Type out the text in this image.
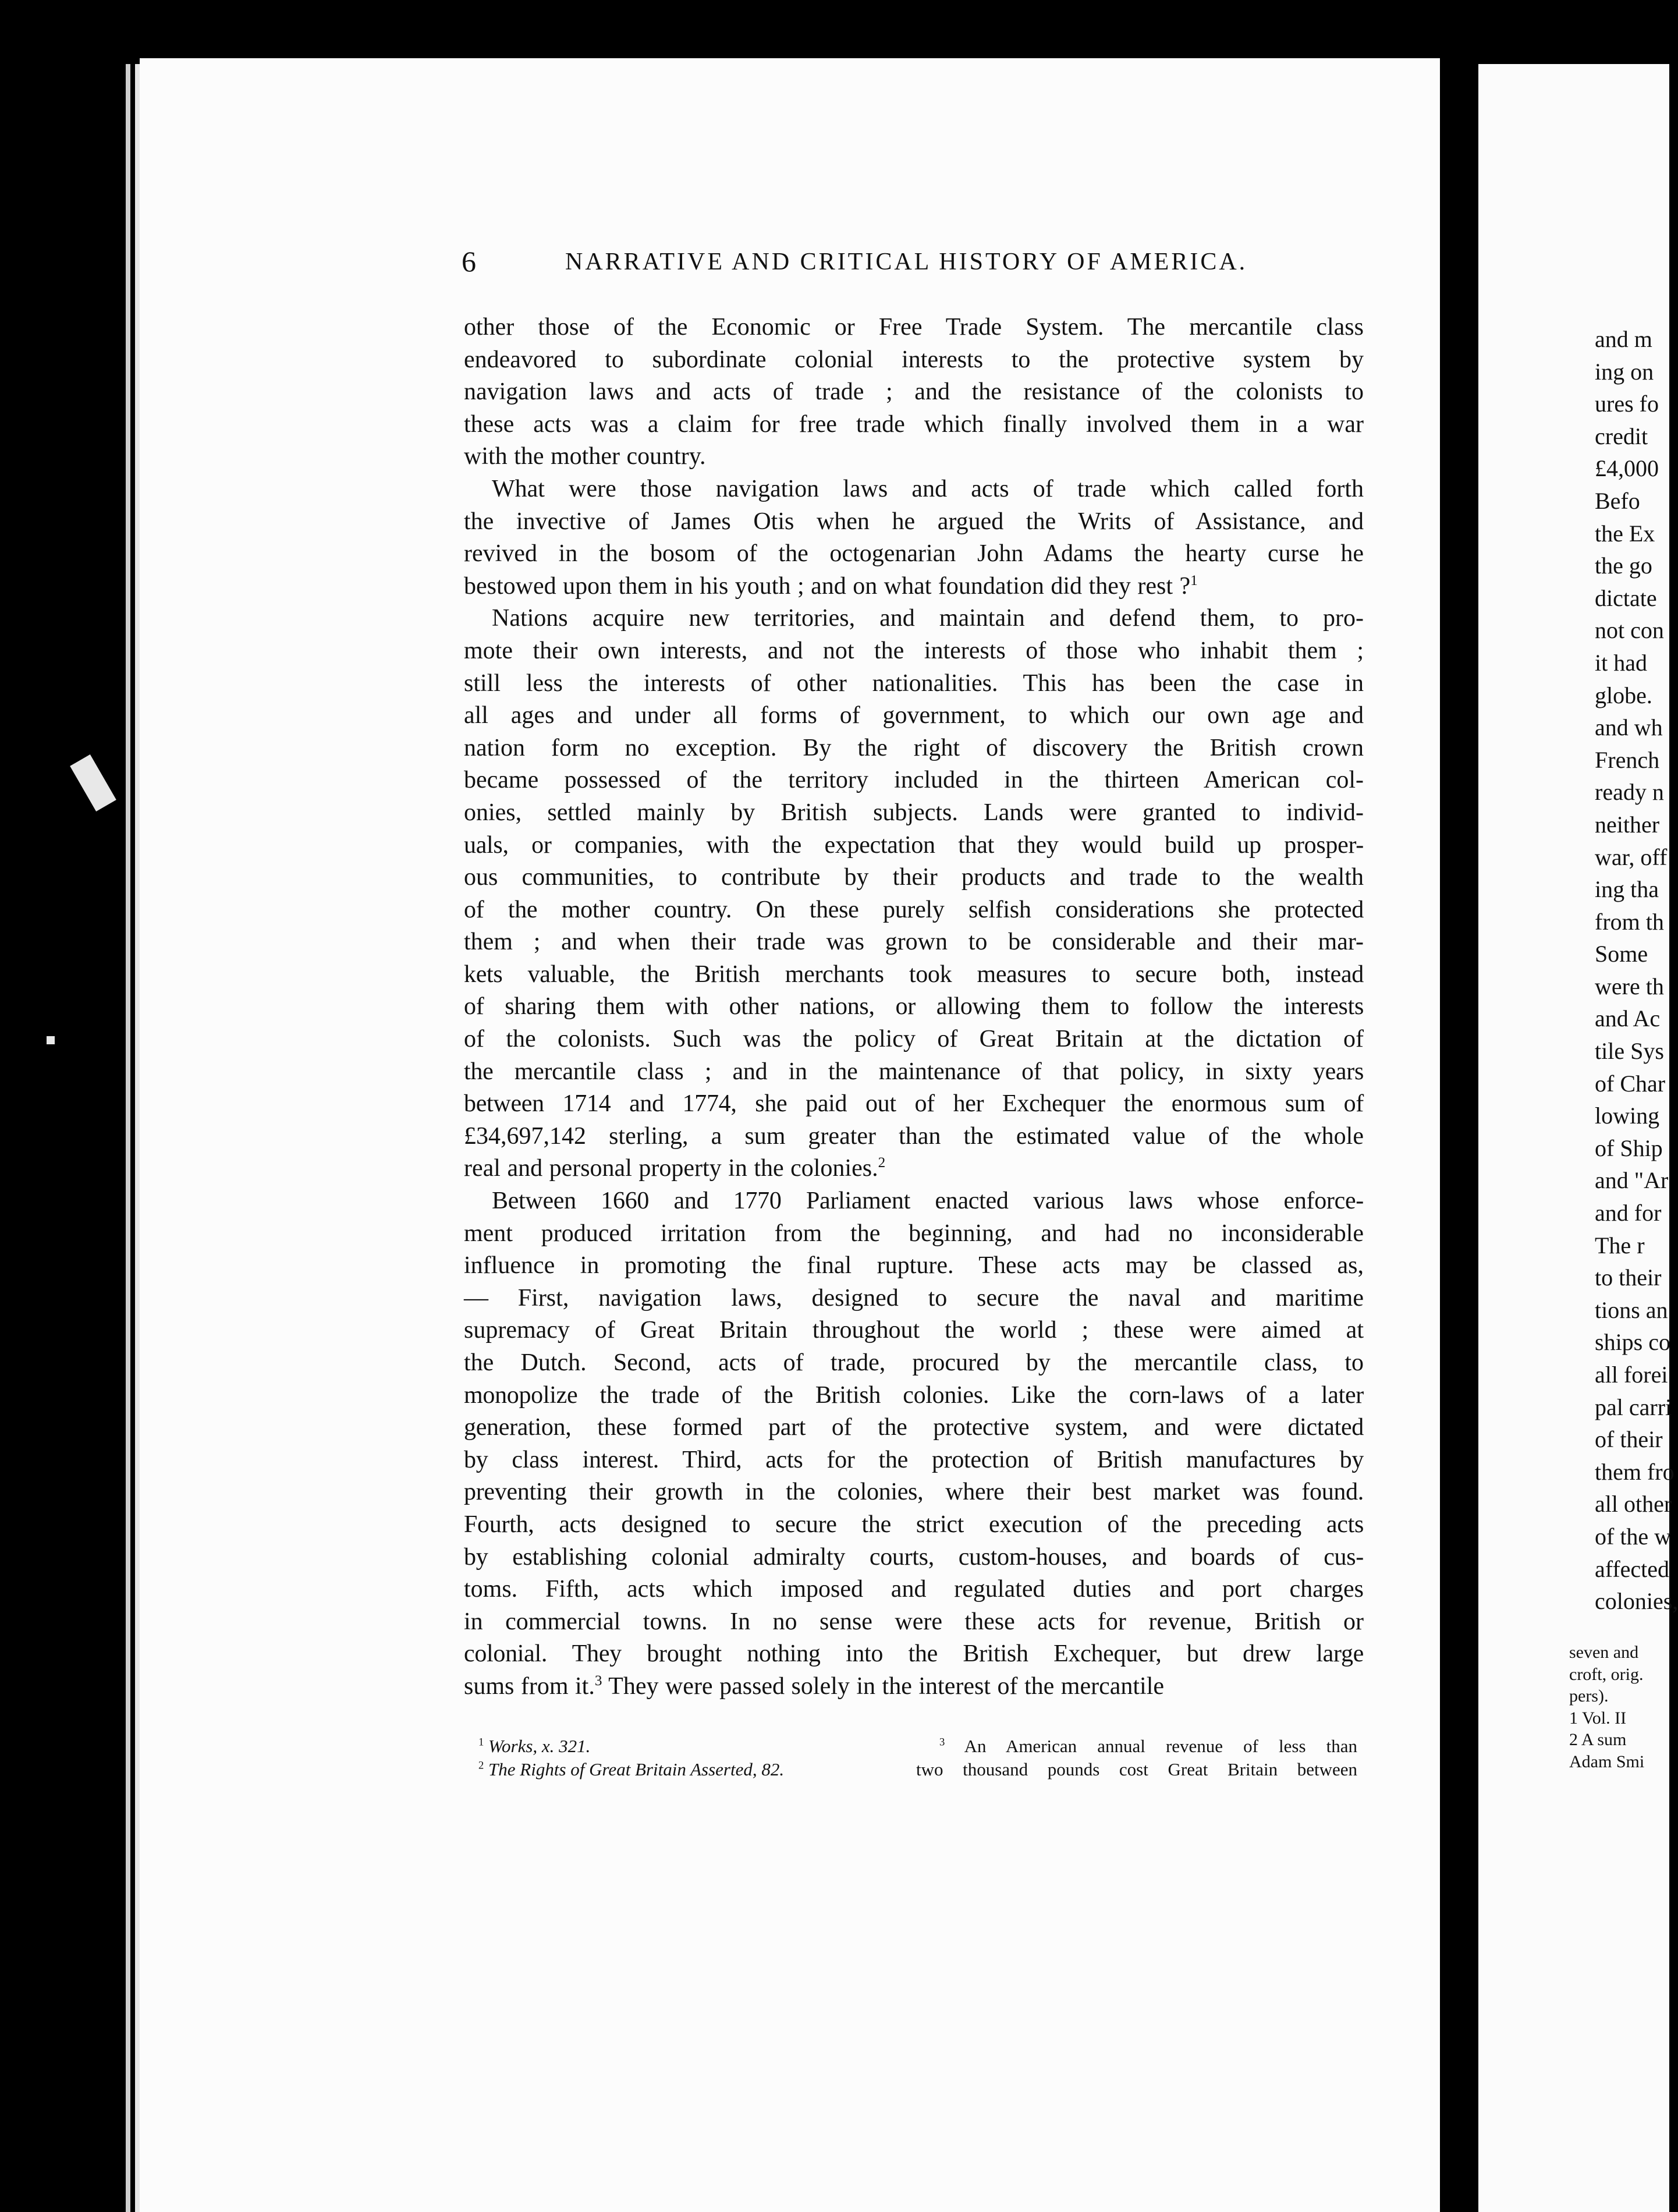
6	NARRATIVE AND CRITICAL HISTORY OF AMERICA.

other those of the Economic or Free Trade System. The mercantile class

endeavored to subordinate colonial interests to the protective system by

navigation laws and acts of trade ; and the resistance of the colonists to

these acts was a claim for free trade which finally involved them in a war

with the mother country.

What were those navigation laws and acts of trade which called forth

the invective of James Otis when he argued the Writs of Assistance, and

revived in the bosom of the octogenarian John Adams the hearty curse he

bestowed upon them in his youth ; and on what foundation did they rest ?$^1$

Nations acquire new territories, and maintain and defend them, to pro-

mote their own interests, and not the interests of those who inhabit them ;

still less the interests of other nationalities. This has been the case in

all ages and under all forms of government, to which our own age and

nation form no exception. By the right of discovery the British crown

became possessed of the territory included in the thirteen American col-

onies, settled mainly by British subjects. Lands were granted to individ-

uals, or companies, with the expectation that they would build up prosper-

ous communities, to contribute by their products and trade to the wealth

of the mother country. On these purely selfish considerations she protected

them ; and when their trade was grown to be considerable and their mar-

kets valuable, the British merchants took measures to secure both, instead

of sharing them with other nations, or allowing them to follow the interests

of the colonists. Such was the policy of Great Britain at the dictation of

the mercantile class ; and in the maintenance of that policy, in sixty years

between 1714 and 1774, she paid out of her Exchequer the enormous sum of

£34,697,142 sterling, a sum greater than the estimated value of the whole

real and personal property in the colonies.$^2$

Between 1660 and 1770 Parliament enacted various laws whose enforce-

ment produced irritation from the beginning, and had no inconsiderable

influence in promoting the final rupture. These acts may be classed as,

— First, navigation laws, designed to secure the naval and maritime

supremacy of Great Britain throughout the world ; these were aimed at

the Dutch. Second, acts of trade, procured by the mercantile class, to

monopolize the trade of the British colonies. Like the corn-laws of a later

generation, these formed part of the protective system, and were dictated

by class interest. Third, acts for the protection of British manufactures by

preventing their growth in the colonies, where their best market was found.

Fourth, acts designed to secure the strict execution of the preceding acts

by establishing colonial admiralty courts, custom-houses, and boards of cus-

toms. Fifth, acts which imposed and regulated duties and port charges

in commercial towns. In no sense were these acts for revenue, British or

colonial. They brought nothing into the British Exchequer, but drew large

sums from it.$^3$ They were passed solely in the interest of the mercantile

$^1$ Works, x. 321.
$^2$ The Rights of Great Britain Asserted, 82.
$^3$ An American annual revenue of less than
two thousand pounds cost Great Britain between
and m
ing on
ures fo
credit
£4,000
Befo
the Ex
the go
dictate
not con
it had
globe.
and wh
French
ready n
neither
war, off
ing tha
from th
Some
were th
and Ac
tile Sys
of Char
lowing
of Ship
and "Ar
and for
The r
to their
tions an
ships co
all forei
pal carri
of their
them fro
all other
of the w
affected
colonies,
seven and
croft, orig.
pers).
1 Vol. II
2 A sum
Adam Smi
